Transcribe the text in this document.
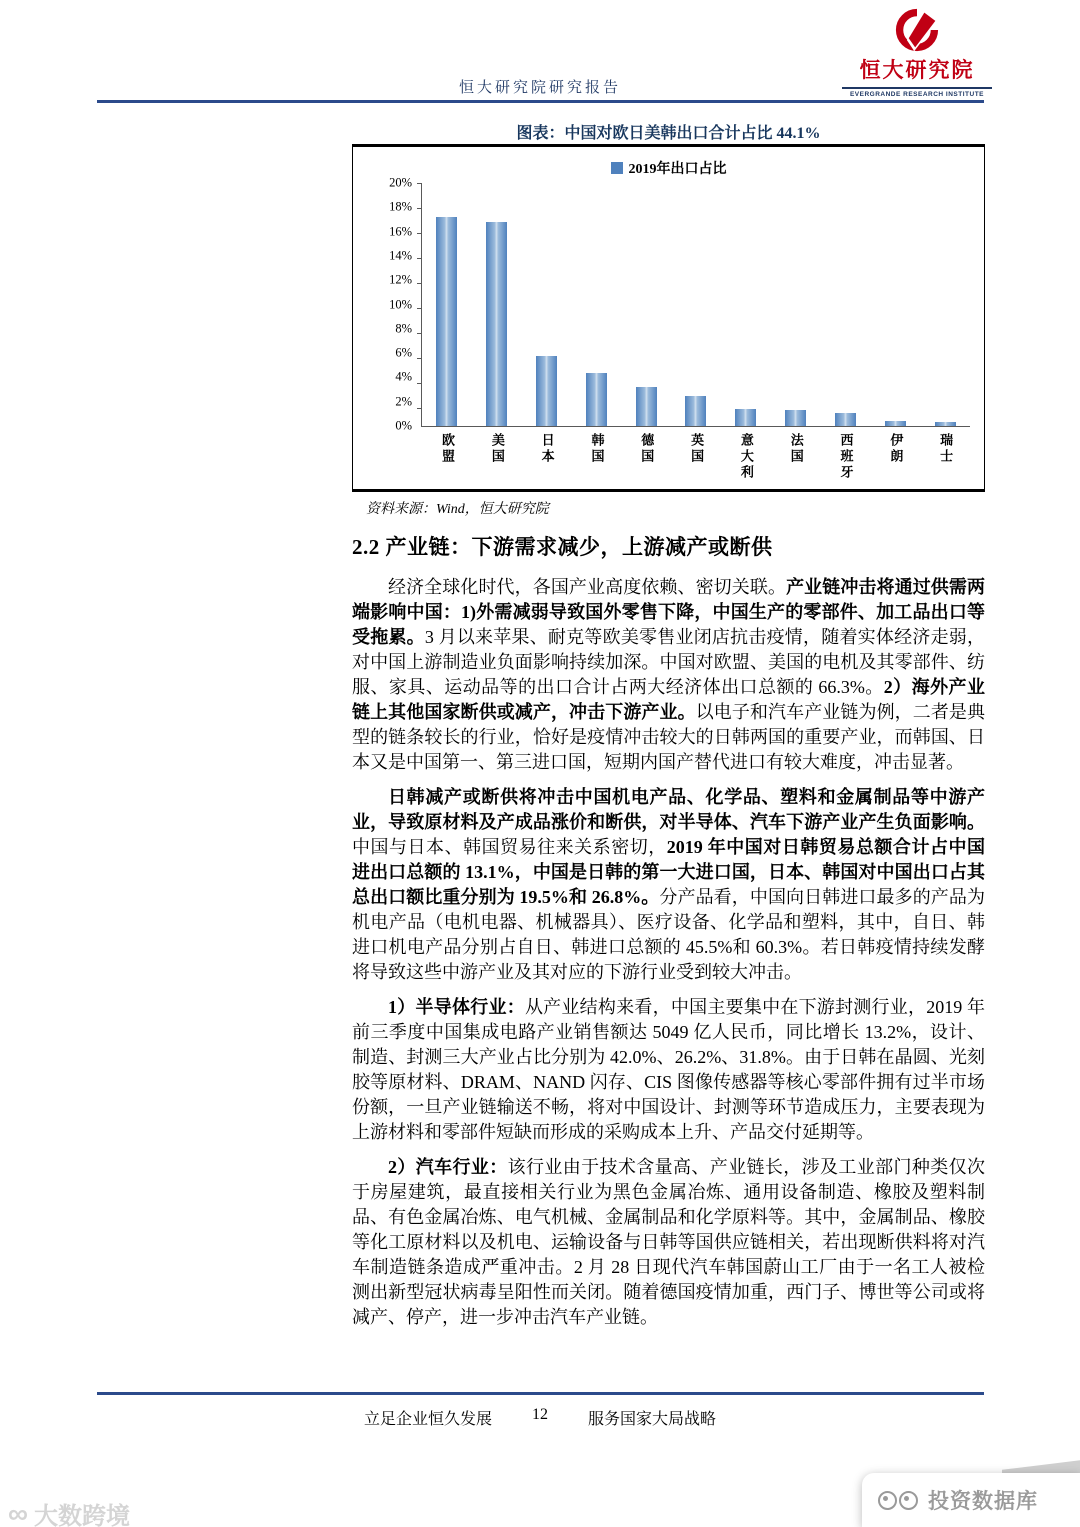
恒大研究院研究报告
恒大研究院
EVERGRANDE RESEARCH INSTITUTE
图表：中国对欧日美韩出口合计占比 44.1%
2019年出口占比
20%
18%
16%
14%
12%
10%
8%
6%
4%
2%
0%
欧盟	美国	日本	韩国	德国	英国	意大利	法国	西班牙	伊朗	瑞士
资料来源：Wind，恒大研究院
2.2 产业链：下游需求减少，上游减产或断供

经济全球化时代，各国产业高度依赖、密切关联。产业链冲击将通过供需两端影响中国：1)外需减弱导致国外零售下降，中国生产的零部件、加工品出口等受拖累。3 月以来苹果、耐克等欧美零售业闭店抗击疫情，随着实体经济走弱，对中国上游制造业负面影响持续加深。中国对欧盟、美国的电机及其零部件、纺服、家具、运动品等的出口合计占两大经济体出口总额的 66.3%。2）海外产业链上其他国家断供或减产，冲击下游产业。以电子和汽车产业链为例，二者是典型的链条较长的行业，恰好是疫情冲击较大的日韩两国的重要产业，而韩国、日本又是中国第一、第三进口国，短期内国产替代进口有较大难度，冲击显著。

日韩减产或断供将冲击中国机电产品、化学品、塑料和金属制品等中游产业，导致原材料及产成品涨价和断供，对半导体、汽车下游产业产生负面影响。中国与日本、韩国贸易往来关系密切，2019 年中国对日韩贸易总额合计占中国进出口总额的 13.1%，中国是日韩的第一大进口国，日本、韩国对中国出口占其总出口额比重分别为 19.5%和 26.8%。分产品看，中国向日韩进口最多的产品为机电产品（电机电器、机械器具）、医疗设备、化学品和塑料，其中，自日、韩进口机电产品分别占自日、韩进口总额的 45.5%和 60.3%。若日韩疫情持续发酵将导致这些中游产业及其对应的下游行业受到较大冲击。

1）半导体行业：从产业结构来看，中国主要集中在下游封测行业，2019 年前三季度中国集成电路产业销售额达 5049 亿人民币，同比增长 13.2%，设计、制造、封测三大产业占比分别为 42.0%、26.2%、31.8%。由于日韩在晶圆、光刻胶等原材料、DRAM、NAND 闪存、CIS 图像传感器等核心零部件拥有过半市场份额，一旦产业链输送不畅，将对中国设计、封测等环节造成压力，主要表现为上游材料和零部件短缺而形成的采购成本上升、产品交付延期等。

2）汽车行业：该行业由于技术含量高、产业链长，涉及工业部门种类仅次于房屋建筑，最直接相关行业为黑色金属冶炼、通用设备制造、橡胶及塑料制品、有色金属冶炼、电气机械、金属制品和化学原料等。其中，金属制品、橡胶等化工原材料以及机电、运输设备与日韩等国供应链相关，若出现断供料将对汽车制造链条造成严重冲击。2 月 28 日现代汽车韩国蔚山工厂由于一名工人被检测出新型冠状病毒呈阳性而关闭。随着德国疫情加重，西门子、博世等公司或将减产、停产，进一步冲击汽车产业链。

立足企业恒久发展	12	服务国家大局战略
∞ 大数跨境
投资数据库
